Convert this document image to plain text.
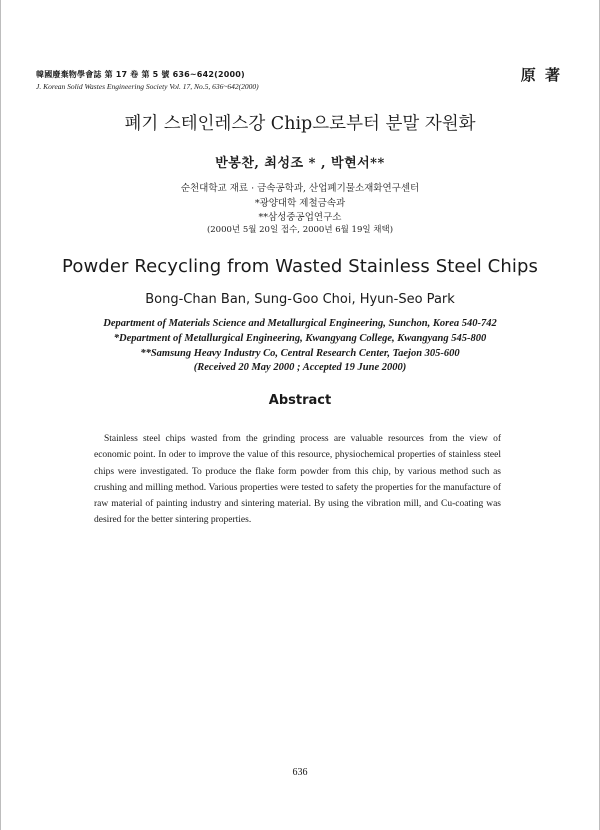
韓國廢棄物學會誌 第 17 卷 第 5 號 636~642(2000)
J. Korean Solid Wastes Engineering Society Vol. 17, No.5, 636~642(2000)
原 著
폐기 스테인레스강 Chip으로부터 분말 자원화
반봉찬, 최성조 * , 박현서**
순천대학교 재료 · 금속공학과, 산업폐기물소재화연구센터
*광양대학 제철금속과
**삼성중공업연구소
(2000년 5월 20일 접수, 2000년 6월 19일 채택)
Powder Recycling from Wasted Stainless Steel Chips
Bong-Chan Ban, Sung-Goo Choi, Hyun-Seo Park
Department of Materials Science and Metallurgical Engineering, Sunchon, Korea 540-742
*Department of Metallurgical Engineering, Kwangyang College, Kwangyang 545-800
**Samsung Heavy Industry Co, Central Research Center, Taejon 305-600
(Received 20 May 2000 ; Accepted 19 June 2000)
Abstract

Stainless steel chips wasted from the grinding process are valuable resources from the view of economic point. In oder to improve the value of this resource, physiochemical properties of stainless steel chips were investigated. To produce the flake form powder from this chip, by various method such as crushing and milling method. Various properties were tested to safety the properties for the manufacture of raw material of painting industry and sintering material. By using the vibration mill, and Cu-coating was desired for the better sintering properties.

636
